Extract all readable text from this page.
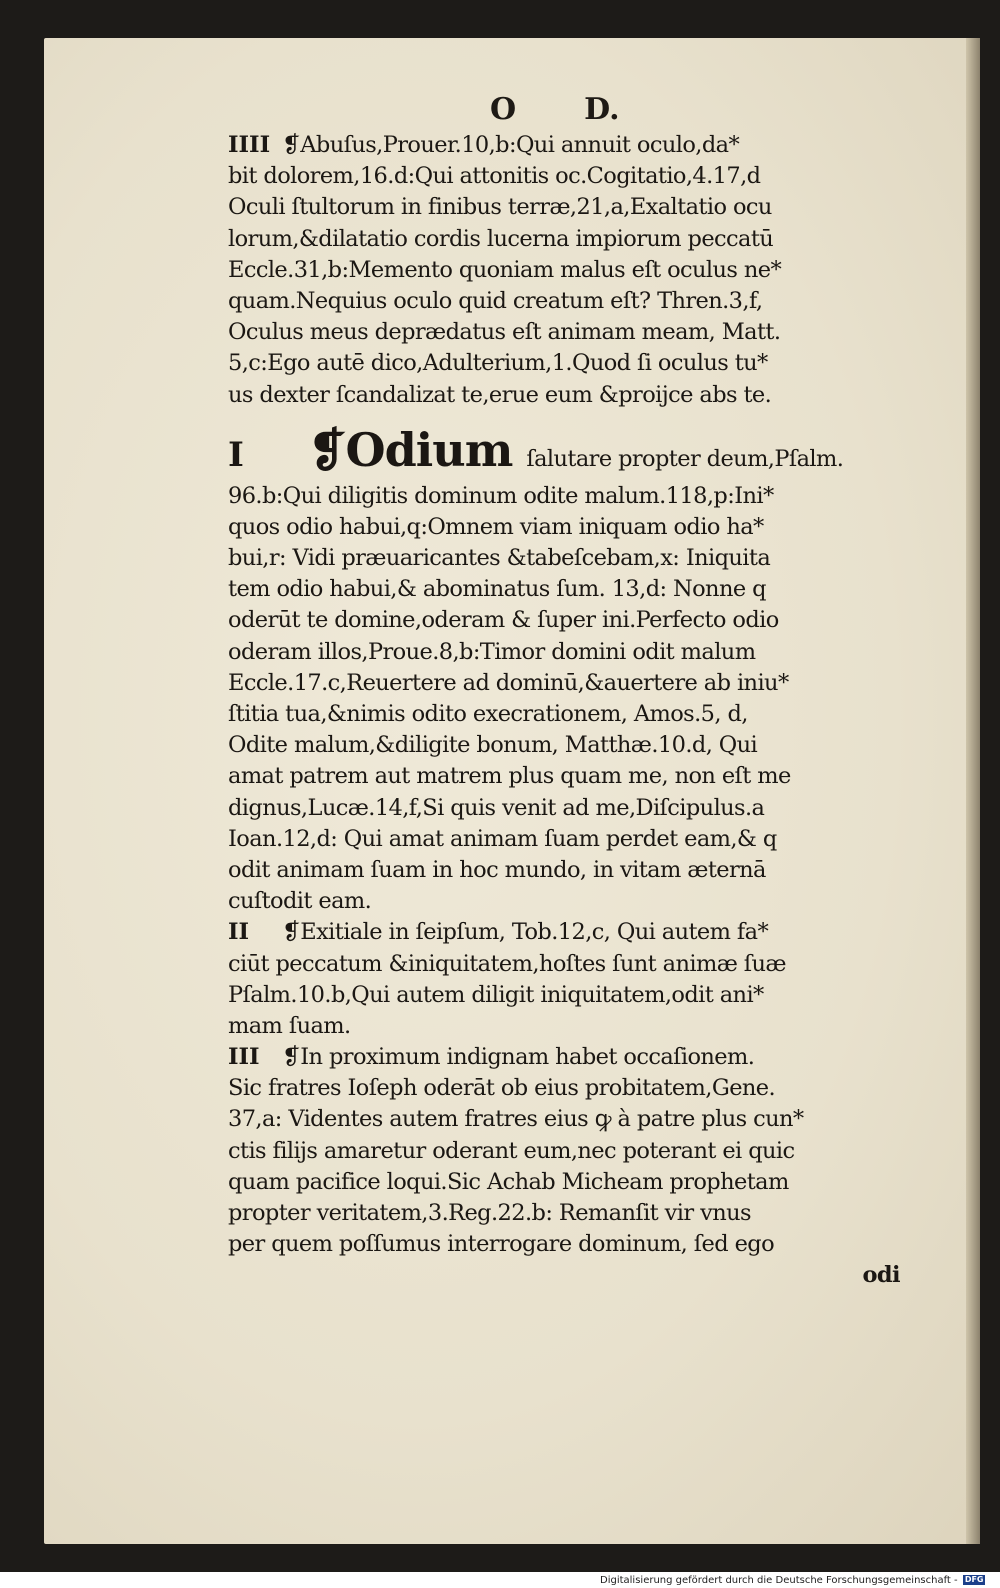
O D.
IIII ❡Abuſus,Prouer.10,b:Qui annuit oculo,da*
bit dolorem,16.d:Qui attonitis oc.Cogitatio,4.17,d
Oculi ſtultorum in finibus terræ,21,a,Exaltatio ocu
lorum,&dilatatio cordis lucerna impiorum peccatū
Eccle.31,b:Memento quoniam malus eſt oculus ne*
quam.Nequius oculo quid creatum eſt? Thren.3,f,
Oculus meus deprædatus eſt animam meam, Matt.
5,c:Ego autē dico,Adulterium,1.Quod ſi oculus tu*
us dexter ſcandalizat te,erue eum &proijce abs te.
I ❡Odium ſalutare propter deum,Pſalm.
96.b:Qui diligitis dominum odite malum.118,p:Ini*
quos odio habui,q:Omnem viam iniquam odio ha*
bui,r: Vidi præuaricantes &tabeſcebam,x: Iniquita
tem odio habui,& abominatus ſum. 13,d: Nonne q
oderūt te domine,oderam & ſuper ini.Perfecto odio
oderam illos,Proue.8,b:Timor domini odit malum
Eccle.17.c,Reuertere ad dominū,&auertere ab iniu*
ſtitia tua,&nimis odito execrationem, Amos.5, d,
Odite malum,&diligite bonum, Matthæ.10.d, Qui
amat patrem aut matrem plus quam me, non eſt me
dignus,Lucæ.14,f,Si quis venit ad me,Diſcipulus.a
Ioan.12,d: Qui amat animam ſuam perdet eam,& q
odit animam ſuam in hoc mundo, in vitam æternā
cuſtodit eam.
II ❡Exitiale in ſeipſum, Tob.12,c, Qui autem fa*
ciūt peccatum &iniquitatem,hoſtes ſunt animæ ſuæ
Pſalm.10.b,Qui autem diligit iniquitatem,odit ani*
mam ſuam.
III ❡In proximum indignam habet occaſionem.
Sic fratres Ioſeph oderāt ob eius probitatem,Gene.
37,a: Videntes autem fratres eius ꝙ à patre plus cun*
ctis filijs amaretur oderant eum,nec poterant ei quic
quam pacifice loqui.Sic Achab Micheam prophetam
propter veritatem,3.Reg.22.b: Remanſit vir vnus
per quem poſſumus interrogare dominum, ſed ego
odi
Digitalisierung gefördert durch die Deutsche Forschungsgemeinschaft - DFG
